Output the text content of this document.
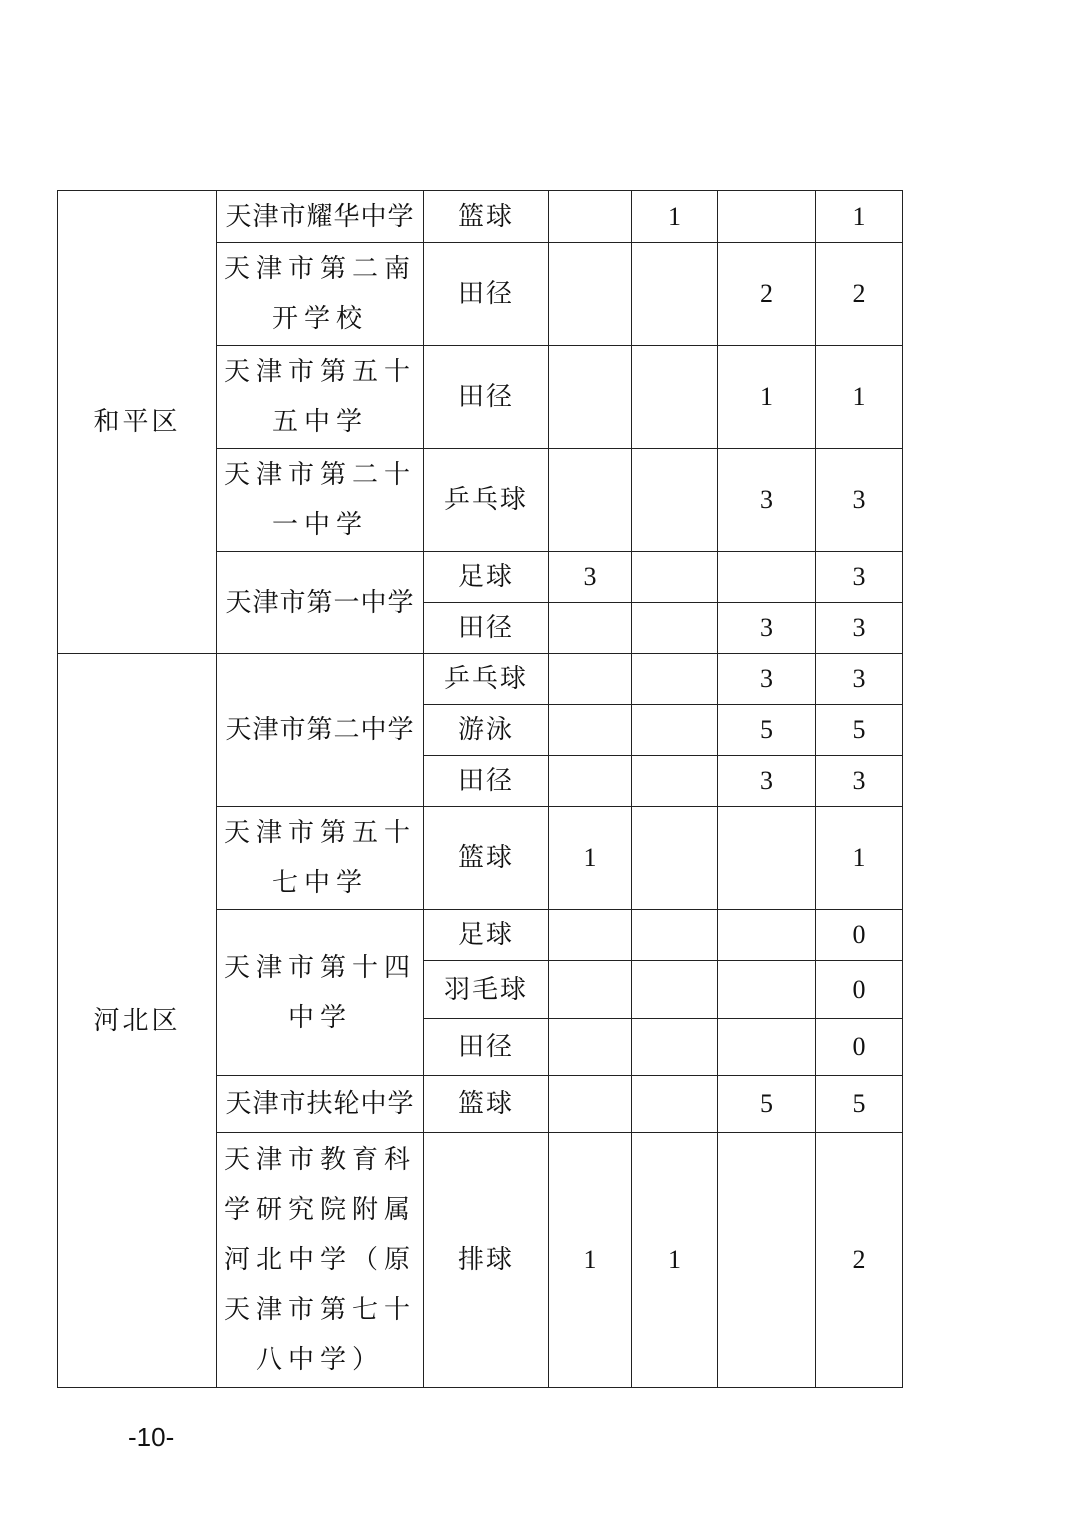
和平区	天津市耀华中学	篮球		1		1
	天津市第二南开学校	田径			2	2
	天津市第五十五中学	田径			1	1
	天津市第二十一中学	乒乓球			3	3
	天津市第一中学	足球	3			3
		田径			3	3
河北区	天津市第二中学	乒乓球			3	3
		游泳			5	5
		田径			3	3
	天津市第五十七中学	篮球	1			1
	天津市第十四中学	足球				0
		羽毛球				0
		田径				0
	天津市扶轮中学	篮球			5	5
	天津市教育科学研究院附属河北中学（原天津市第七十八中学）	排球	1	1		2
-10-
